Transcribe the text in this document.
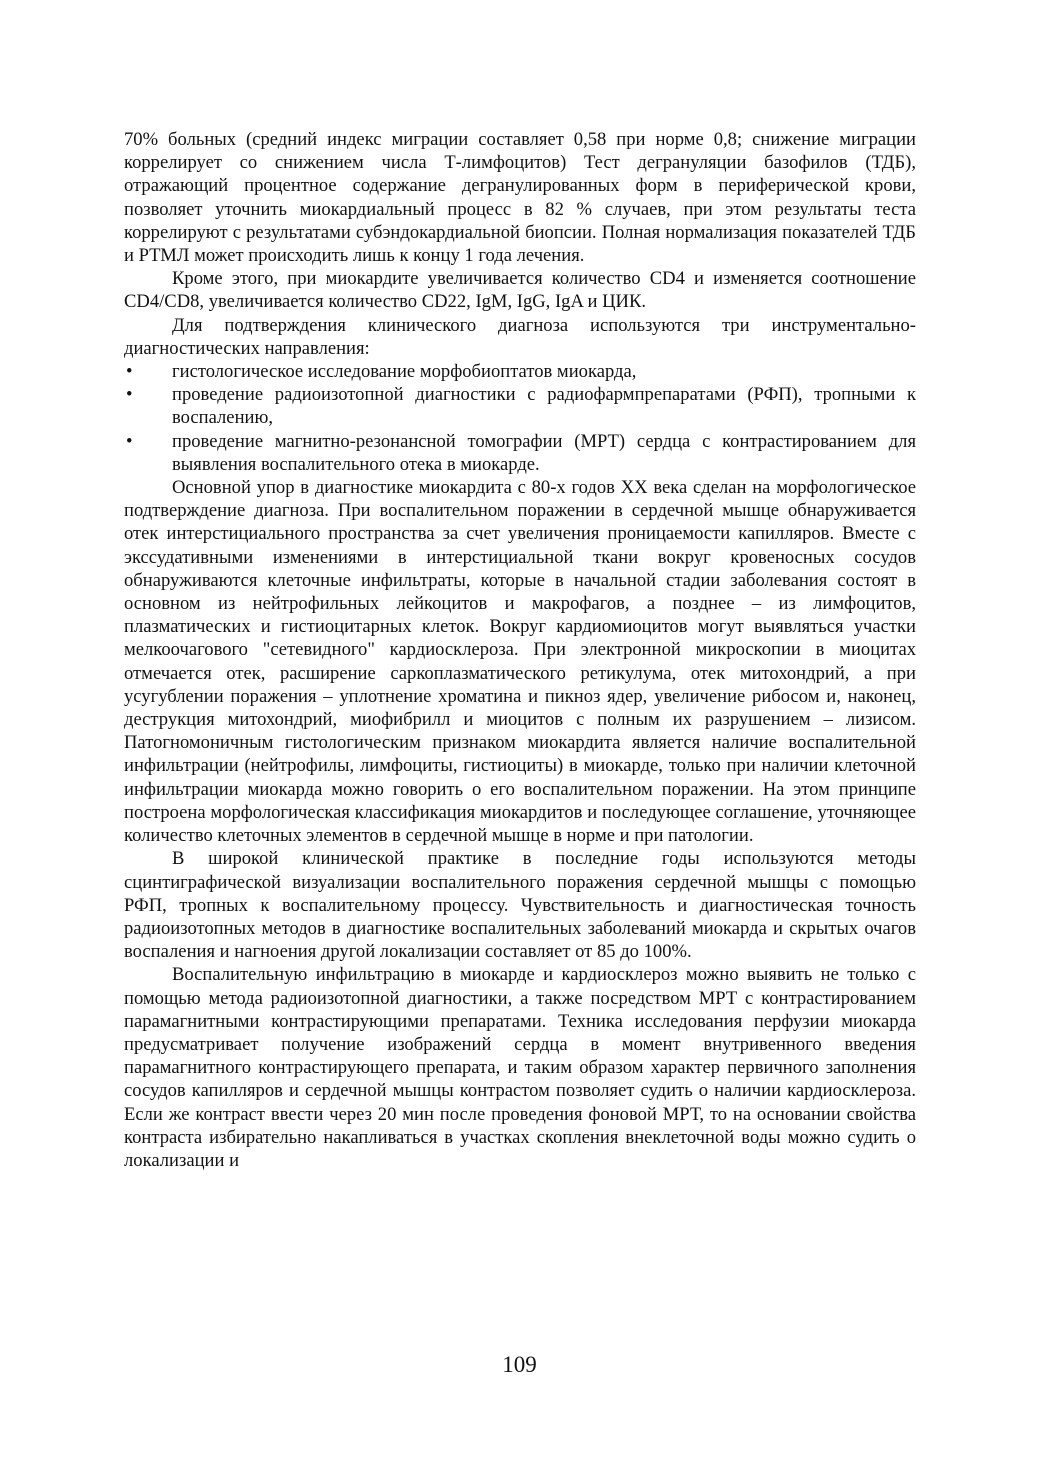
70% больных (средний индекс миграции составляет 0,58 при норме 0,8; снижение миграции коррелирует со снижением числа Т-лимфоцитов) Тест дегрануляции базофилов (ТДБ), отражающий процентное содержание дегранулированных форм в периферической крови, позволяет уточнить миокардиальный процесс в 82 % случаев, при этом результаты теста коррелируют с результатами субэндокардиальной биопсии. Полная нормализация показателей ТДБ и РТМЛ может происходить лишь к концу 1 года лечения.

Кроме этого, при миокардите увеличивается количество CD4 и изменяется соотношение CD4/CD8, увеличивается количество CD22, IgM, IgG, IgA и ЦИК.

Для подтверждения клинического диагноза используются три инструментально-диагностических направления:

• гистологическое исследование морфобиоптатов миокарда,
• проведение радиоизотопной диагностики с радиофармпрепаратами (РФП), тропными к воспалению,
• проведение магнитно-резонансной томографии (МРТ) сердца с контрастированием для выявления воспалительного отека в миокарде.

Основной упор в диагностике миокардита с 80-х годов XX века сделан на морфологическое подтверждение диагноза. При воспалительном поражении в сердечной мышце обнаруживается отек интерстициального пространства за счет увеличения проницаемости капилляров. Вместе с экссудативными изменениями в интерстициальной ткани вокруг кровеносных сосудов обнаруживаются клеточные инфильтраты, которые в начальной стадии заболевания состоят в основном из нейтрофильных лейкоцитов и макрофагов, а позднее – из лимфоцитов, плазматических и гистиоцитарных клеток. Вокруг кардиомиоцитов могут выявляться участки мелкоочагового "сетевидного" кардиосклероза. При электронной микроскопии в миоцитах отмечается отек, расширение саркоплазматического ретикулума, отек митохондрий, а при усугублении поражения – уплотнение хроматина и пикноз ядер, увеличение рибосом и, наконец, деструкция митохондрий, миофибрилл и миоцитов с полным их разрушением – лизисом. Патогномоничным гистологическим признаком миокардита является наличие воспалительной инфильтрации (нейтрофилы, лимфоциты, гистиоциты) в миокарде, только при наличии клеточной инфильтрации миокарда можно говорить о его воспалительном поражении. На этом принципе построена морфологическая классификация миокардитов и последующее соглашение, уточняющее количество клеточных элементов в сердечной мышце в норме и при патологии.

В широкой клинической практике в последние годы используются методы сцинтиграфической визуализации воспалительного поражения сердечной мышцы с помощью РФП, тропных к воспалительному процессу. Чувствительность и диагностическая точность радиоизотопных методов в диагностике воспалительных заболеваний миокарда и скрытых очагов воспаления и нагноения другой локализации составляет от 85 до 100%.

Воспалительную инфильтрацию в миокарде и кардиосклероз можно выявить не только с помощью метода радиоизотопной диагностики, а также посредством МРТ с контрастированием парамагнитными контрастирующими препаратами. Техника исследования перфузии миокарда предусматривает получение изображений сердца в момент внутривенного введения парамагнитного контрастирующего препарата, и таким образом характер первичного заполнения сосудов капилляров и сердечной мышцы контрастом позволяет судить о наличии кардиосклероза. Если же контраст ввести через 20 мин после проведения фоновой МРТ, то на основании свойства контраста избирательно накапливаться в участках скопления внеклеточной воды можно судить о локализации и

109
